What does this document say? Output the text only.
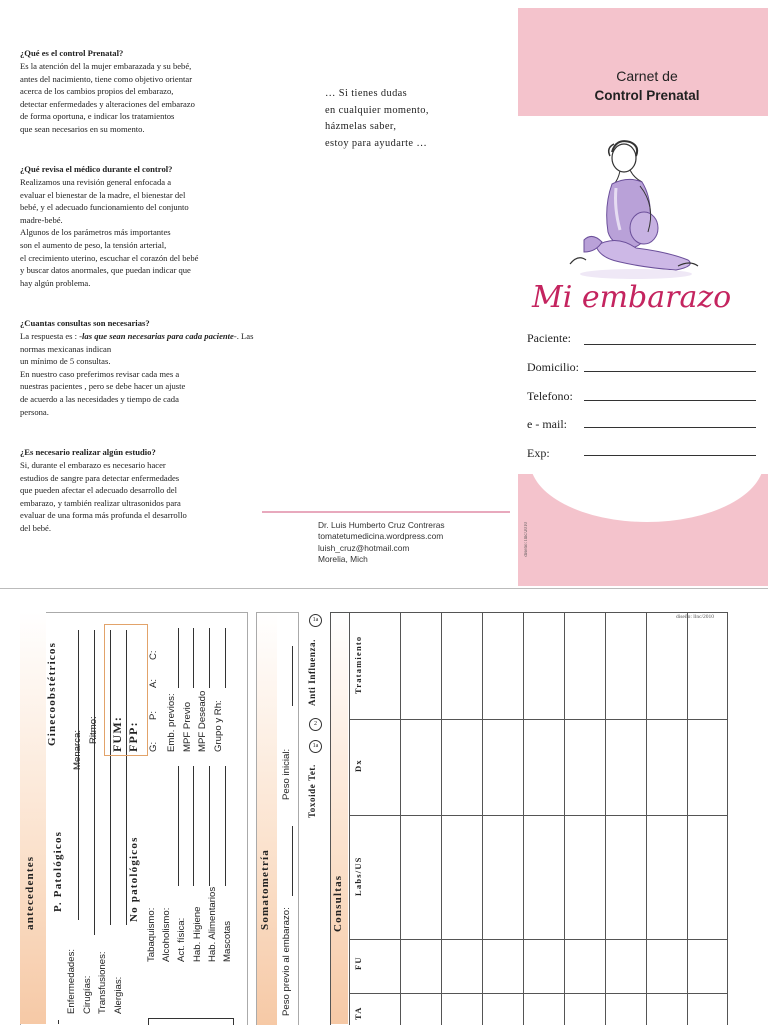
¿Qué es el control Prenatal?

Es la atención del la mujer embarazada y su bebé,
antes del nacimiento, tiene como objetivo orientar
acerca de los cambios propios del embarazo,
detectar enfermedades y alteraciones del embarazo
de forma oportuna, e indicar los tratamientos
que sean necesarios en su momento.

¿Qué revisa el médico durante el control?

Realizamos una revisión general enfocada a
evaluar el bienestar de la madre, el bienestar del
bebé, y el adecuado funcionamiento del conjunto
madre-bebé.
Algunos de los parámetros más importantes
son el aumento de peso, la tensión arterial,
el crecimiento uterino, escuchar el corazón del bebé
y buscar datos anormales, que puedan indicar que
hay algún problema.

¿Cuantas consultas son necesarias?

La respuesta es : -las que sean necesarias para cada paciente-. Las normas mexicanas indican
un mínimo de 5 consultas.
En nuestro caso preferimos revisar cada mes a
nuestras pacientes , pero se debe hacer un ajuste
de acuerdo a las necesidades y tiempo de cada
persona.

¿Es necesario realizar algún estudio?

Si, durante el embarazo es necesario hacer
estudios de sangre para detectar enfermedades
que pueden afectar el adecuado desarrollo del
embarazo, y también realizar ultrasonidos para
evaluar de una forma más profunda el desarrollo
del bebé.

… Si tienes dudas
en cualquier momento,
házmelas saber,
estoy para ayudarte …
Dr. Luis Humberto Cruz Contreras
tomatetumedicina.wordpress.com
luish_cruz@hotmail.com
Morelia, Mich
Carnet de
Control Prenatal
Mi embarazo
Paciente:
Domicilio:
Telefono:
e - mail:
Exp:
diseño: llnc/2010
antecedentes P. Patológicos
Enfermedades: Cirugías: Transfusiones: Alergias:
No patológicos
Tabaquismo: Alcoholismo: Act. física: Hab. Higiene Hab. Alimentarios Mascotas
Ginecoobstétricos
Menarca: Ritmo: FUM: FPP: G:
P:
A:
C:
Emb. previos: MPF Previo MPF Deseado Grupo y Rh:
Somatometría
Peso previo al embarazo:
Peso inicial: Toxoide Tet.
1a
2
Anti Influenza.
1a
Consultas
Tratamiento
Dx
Labs/US
FU
TA
diseño: llnc/2010
